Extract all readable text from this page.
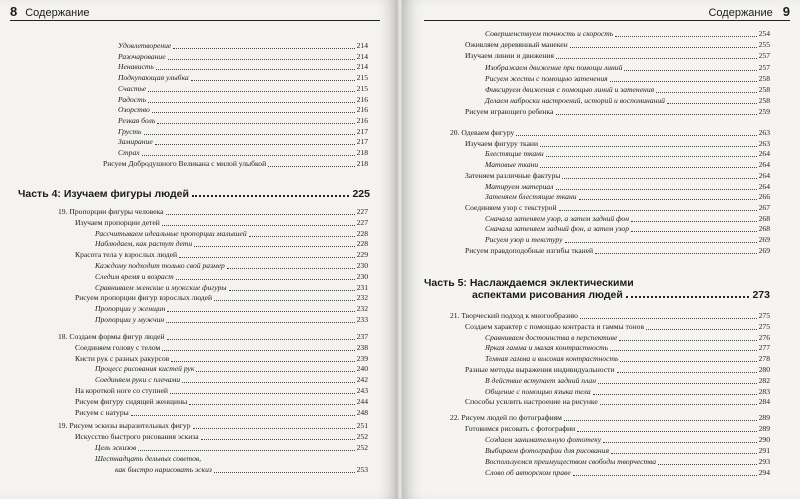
8 Содержание
Удовлетворение	214
Разочарование	214
Ненависть	214
Подкупающая улыбка	215
Счастье	215
Радость	216
Озорство	216
Резкая боль	216
Грусть	217
Замирание	217
Страх	218
Рисуем Добродушного Великана с милой улыбкой	218
Часть 4: Изучаем фигуры людей	225
19. Пропорции фигуры человека	227
Изучаем пропорции детей	227
Рассчитываем идеальные пропорции малышей	228
Наблюдаем, как растут дети	228
Красота тела у взрослых людей	229
Каждому подходит только свой размер	230
Следим время и возраст	230
Сравниваем женские и мужские фигуры	231
Рисуем пропорции фигур взрослых людей	232
Пропорции у женщин	232
Пропорции у мужчин	233
18. Создаем формы фигур людей	237
Соединяем голову с телом	238
Кисти рук с разных ракурсов	239
Процесс рисования кистей рук	240
Соединяем руки с плечами	242
На короткой ноге со ступней	243
Рисуем фигуру сидящей женщины	244
Рисуем с натуры	248
19. Рисуем эскизы выразительных фигур	251
Искусство быстрого рисования эскиза	252
Цель эскизов	252
Шестнадцать дельных советов,
как быстро нарисовать эскиз	253
Содержание 9
Совершенствуем точность и скорость	254
Оживляем деревянный манекен	255
Изучаем линии и движения	257
Изображаем движение при помощи линий	257
Рисуем жесты с помощью затенения	258
Фиксируем движения с помощью линий и затенения	258
Делаем наброски настроений, историй и воспоминаний	258
Рисуем играющего ребенка	259
20. Одеваем фигуру	263
Изучаем фигуру ткани	263
Блестящие ткани	264
Матовые ткани	264
Затеняем различные фактуры	264
Матируем материал	264
Затеняем блестящие ткани	266
Соединяем узор с текстурой	267
Сначала затеняем узор, а затем задний фон	268
Сначала затеняем задний фон, а затем узор	268
Рисуем узор и текстуру	269
Рисуем правдоподобные изгибы тканей	269
Часть 5: Наслаждаемся эклектическими
аспектами рисования людей	273
21. Творческий подход к многообразию	275
Создаем характер с помощью контраста и гаммы тонов	275
Сравниваем достоинства в перспективе	276
Яркая гамма и малая контрастность	277
Темная гамма и высокая контрастность	278
Разные методы выражения индивидуальности	280
В действие вступает задний план	282
Общение с помощью языка тела	283
Способы усилить настроение на рисунке	284
22. Рисуем людей по фотографиям	289
Готовимся рисовать с фотографии	289
Создаем занимательную фототеку	290
Выбираем фотографии для рисования	291
Воспользуемся преимуществом свободы творчества	293
Слово об авторском праве	294
